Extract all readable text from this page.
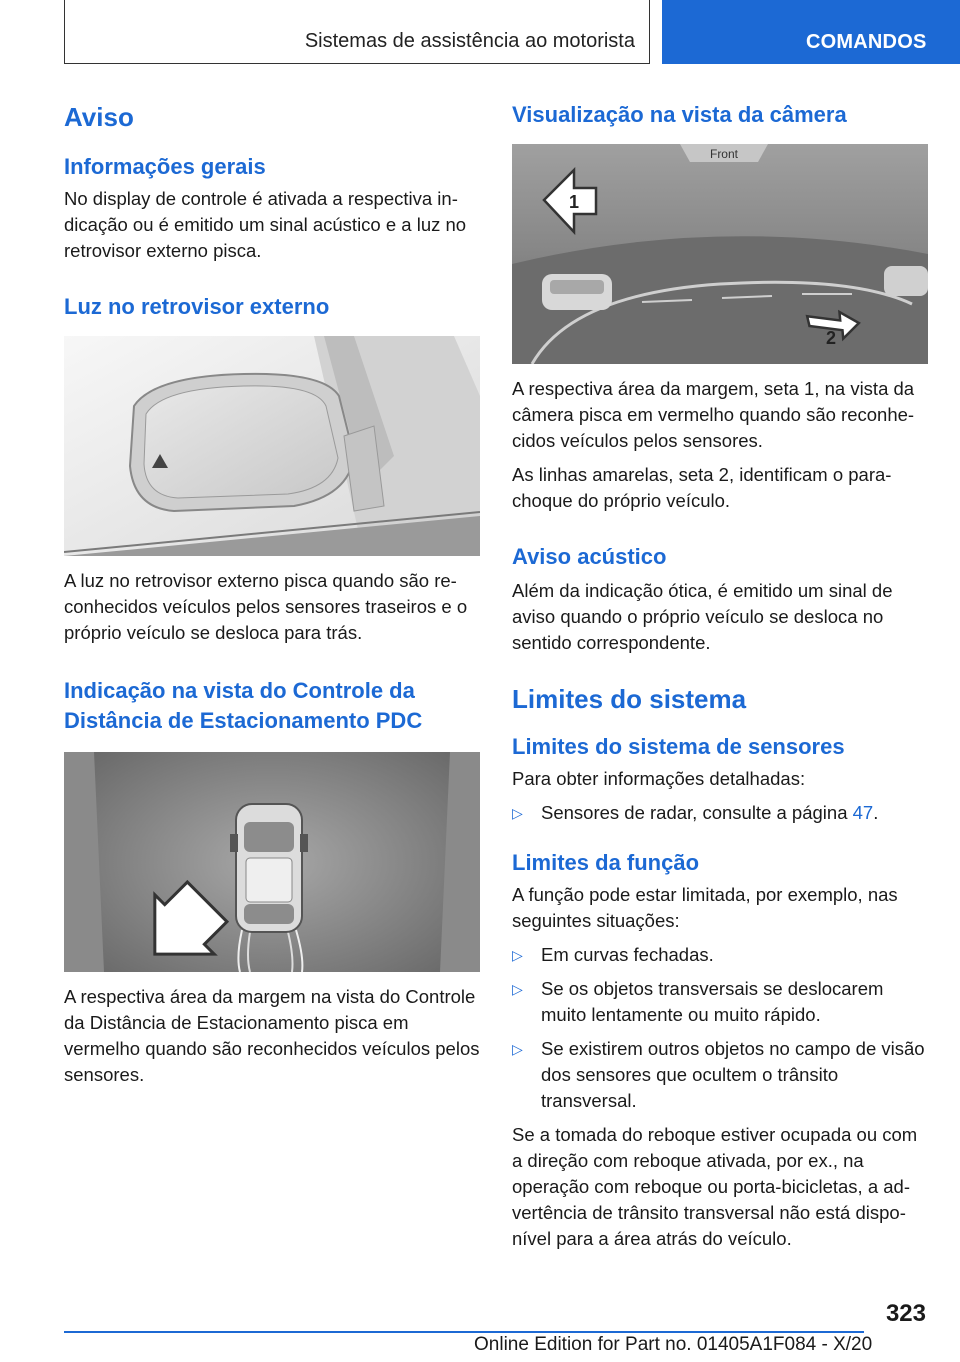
Sistemas de assistência ao motorista	COMANDOS
Aviso
Informações gerais

No display de controle é ativada a respectiva indicação ou é emitido um sinal acústico e a luz no retrovisor externo pisca.

Luz no retrovisor externo

A luz no retrovisor externo pisca quando são reconhecidos veículos pelos sensores traseiros e o próprio veículo se desloca para trás.

Indicação na vista do Controle da Distância de Estacionamento PDC

A respectiva área da margem na vista do Controle da Distância de Estacionamento pisca em vermelho quando são reconhecidos veículos pelos sensores.

Visualização na vista da câmera
Front
1
2

A respectiva área da margem, seta 1, na vista da câmera pisca em vermelho quando são reconhecidos veículos pelos sensores.

As linhas amarelas, seta 2, identificam o para-choque do próprio veículo.

Aviso acústico

Além da indicação ótica, é emitido um sinal de aviso quando o próprio veículo se desloca no sentido correspondente.

Limites do sistema
Limites do sistema de sensores

Para obter informações detalhadas:

▷ Sensores de radar, consulte a página 47.
Limites da função

A função pode estar limitada, por exemplo, nas seguintes situações:

▷ Em curvas fechadas.
▷ Se os objetos transversais se deslocarem muito lentamente ou muito rápido.
▷ Se existirem outros objetos no campo de visão dos sensores que ocultem o trânsito transversal.

Se a tomada do reboque estiver ocupada ou com a direção com reboque ativada, por ex., na operação com reboque ou porta-bicicletas, a advertência de trânsito transversal não está disponível para a área atrás do veículo.

323
Online Edition for Part no. 01405A1F084 - X/20
